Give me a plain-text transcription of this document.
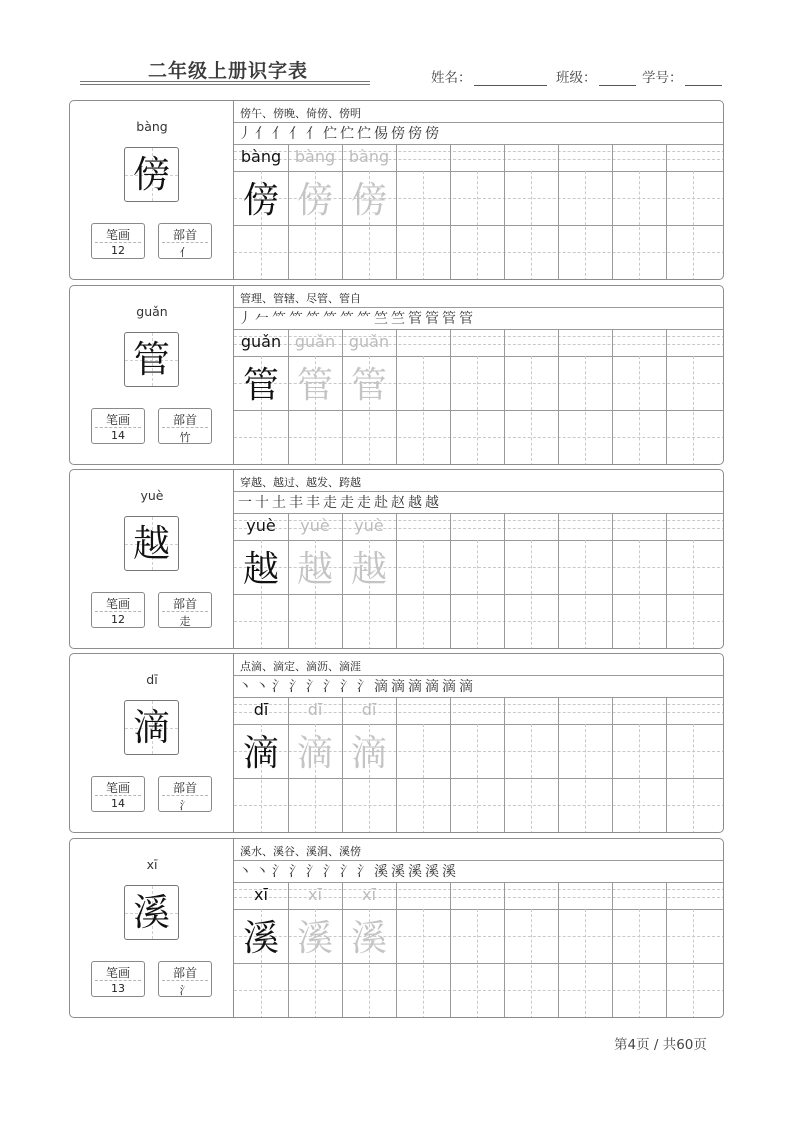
二年级上册识字表	姓名：	班级：	学号：
bàng
傍
笔画
12
部首
亻
傍午、傍晚、倚傍、傍明
丿亻亻亻亻伫伫伫㑥傍傍傍
bàng
傍
bàng
傍
bàng
傍
guǎn
管
笔画
14
部首
竹
管理、管辖、尽管、管自
丿𠂉⺮⺮⺮⺮⺮⺮竺竺管管管管
guǎn
管
guǎn
管
guǎn
管
yuè
越
笔画
12
部首
走
穿越、越过、越发、跨越
一十土丰丰走走走赴赵越越
yuè
越
yuè
越
yuè
越
dī
滴
笔画
14
部首
氵
点滴、滴定、滴沥、滴涯
丶丶氵氵氵氵氵氵滴滴滴滴滴滴
dī
滴
dī
滴
dī
滴
xī
溪
笔画
13
部首
氵
溪水、溪谷、溪涧、溪傍
丶丶氵氵氵氵氵氵溪溪溪溪溪
xī
溪
xī
溪
xī
溪
第4页 / 共60页
